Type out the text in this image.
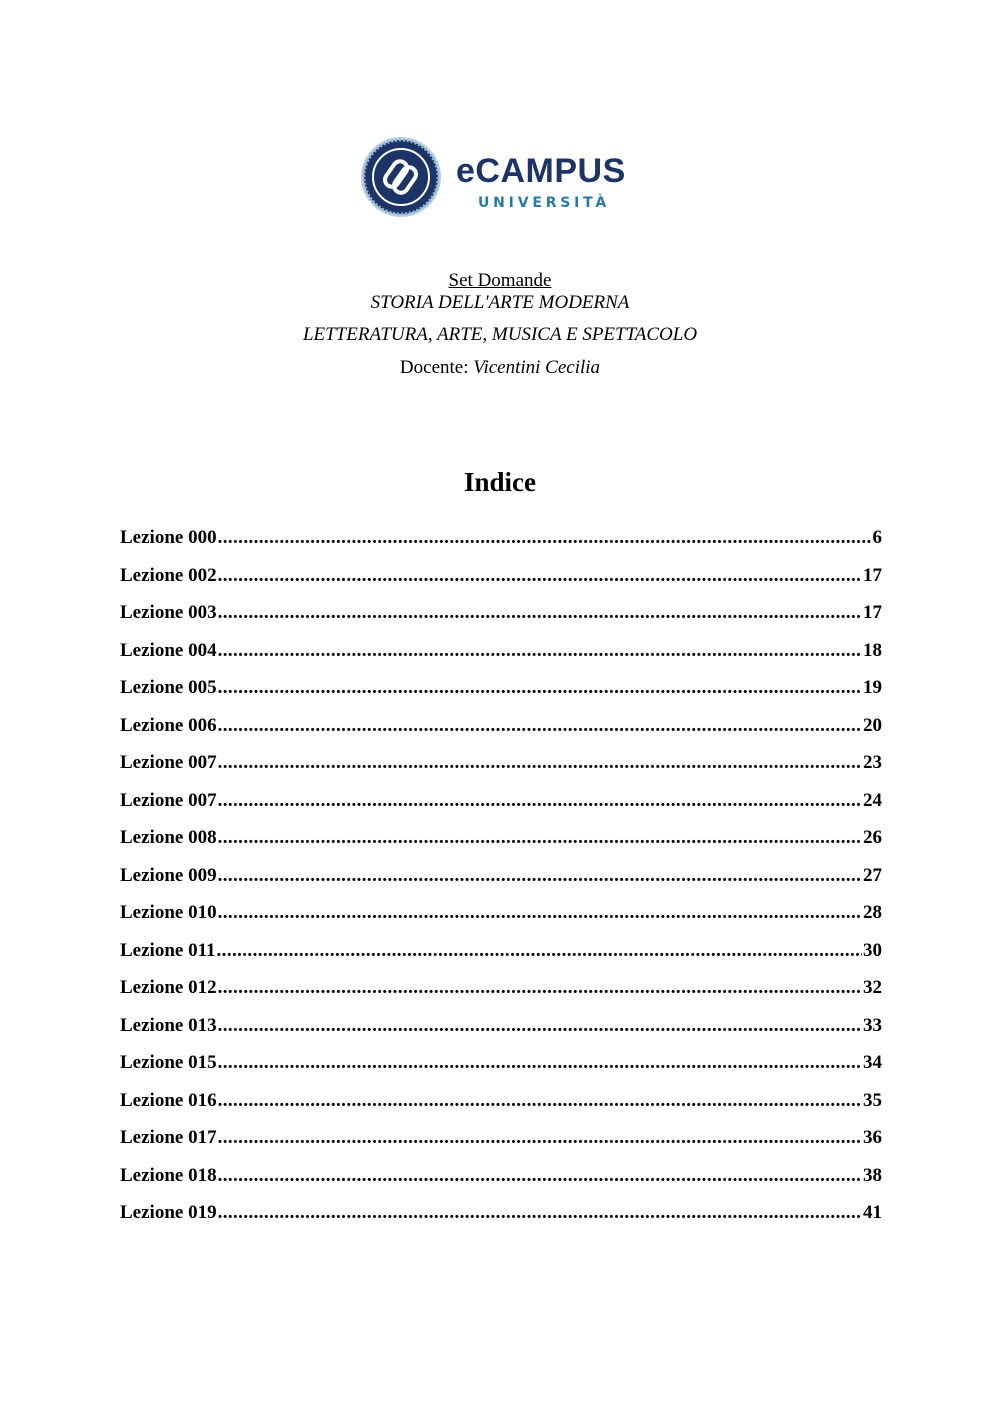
eCAMPUS
UNIVERSITÀ
Set Domande
STORIA DELL'ARTE MODERNA
LETTERATURA, ARTE, MUSICA E SPETTACOLO
Docente: Vicentini Cecilia
Indice
Lezione 000 .....	6
Lezione 002 .....	17
Lezione 003 .....	17
Lezione 004 .....	18
Lezione 005 .....	19
Lezione 006 .....	20
Lezione 007 .....	23
Lezione 007 .....	24
Lezione 008 .....	26
Lezione 009 .....	27
Lezione 010 .....	28
Lezione 011 .....	30
Lezione 012 .....	32
Lezione 013 .....	33
Lezione 015 .....	34
Lezione 016 .....	35
Lezione 017 .....	36
Lezione 018 .....	38
Lezione 019 .....	41
